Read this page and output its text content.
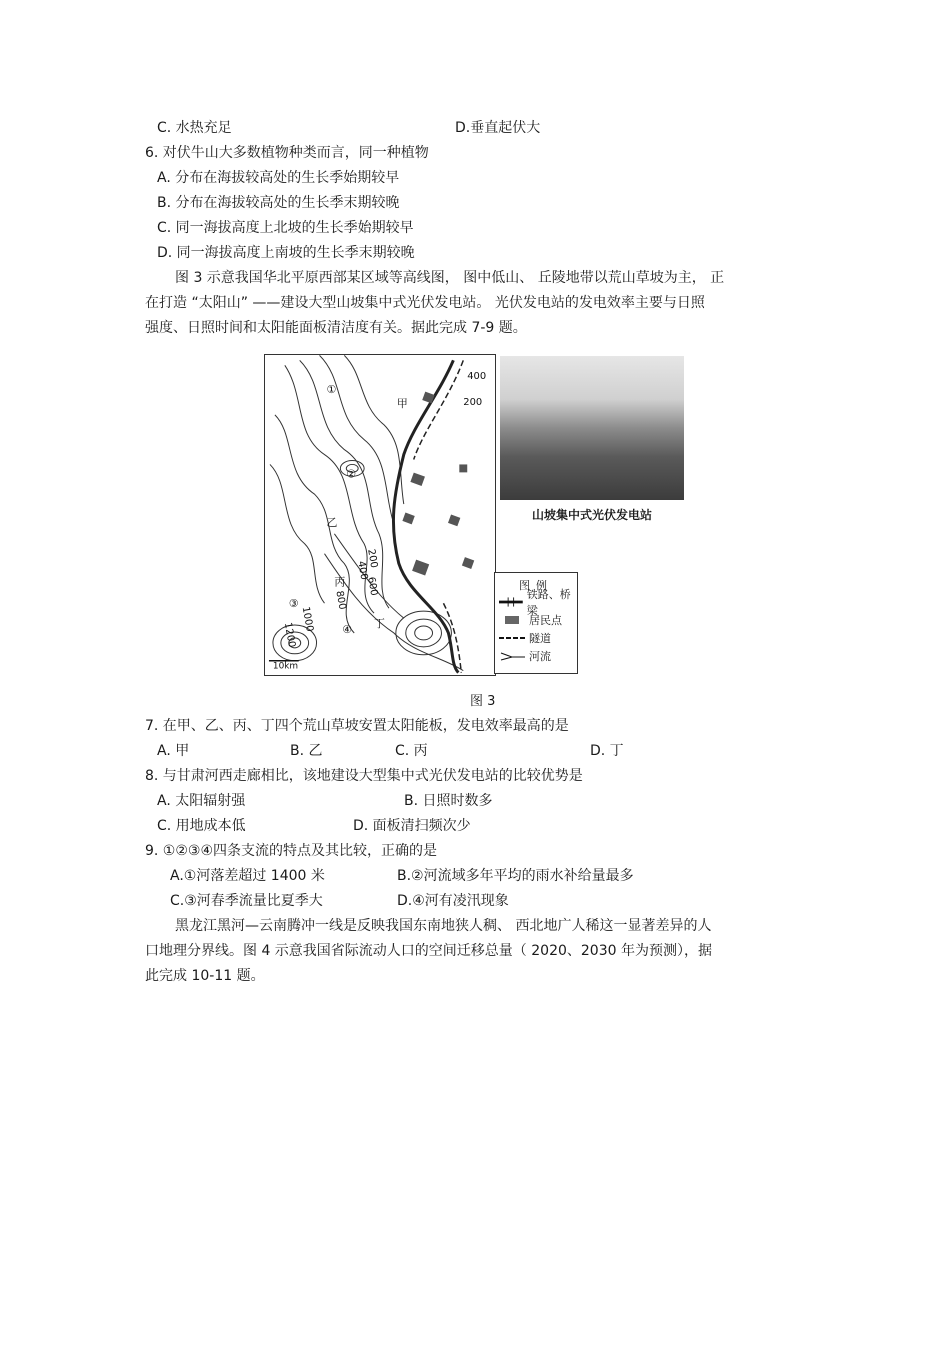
C. 水热充足	D.垂直起伏大
6. 对伏牛山大多数植物种类而言，同一种植物
A. 分布在海拔较高处的生长季始期较早
B. 分布在海拔较高处的生长季末期较晚
C. 同一海拔高度上北坡的生长季始期较早
D. 同一海拔高度上南坡的生长季末期较晚
图 3 示意我国华北平原西部某区域等高线图， 图中低山、 丘陵地带以荒山草坡为主， 正
在打造 “太阳山” ——建设大型山坡集中式光伏发电站。 光伏发电站的发电效率主要与日照
强度、日照时间和太阳能面板清洁度有关。据此完成 7-9 题。
①
②
③
④
甲
乙
丙
丁
400
200
200
400
600
800
1000
1200
10km
山坡集中式光伏发电站
图例
铁路、桥梁
居民点
隧道
河流
图 3
7. 在甲、乙、丙、丁四个荒山草坡安置太阳能板，发电效率最高的是
A. 甲	B. 乙	C. 丙	D. 丁
8. 与甘肃河西走廊相比，该地建设大型集中式光伏发电站的比较优势是
A. 太阳辐射强	B. 日照时数多
C. 用地成本低	D. 面板清扫频次少
9. ①②③④四条支流的特点及其比较，正确的是
A.①河落差超过 1400 米	B.②河流域多年平均的雨水补给量最多
C.③河春季流量比夏季大	D.④河有凌汛现象
黑龙江黑河—云南腾冲一线是反映我国东南地狭人稠、 西北地广人稀这一显著差异的人
口地理分界线。图 4 示意我国省际流动人口的空间迁移总量（ 2020、2030 年为预测），据
此完成 10-11 题。
